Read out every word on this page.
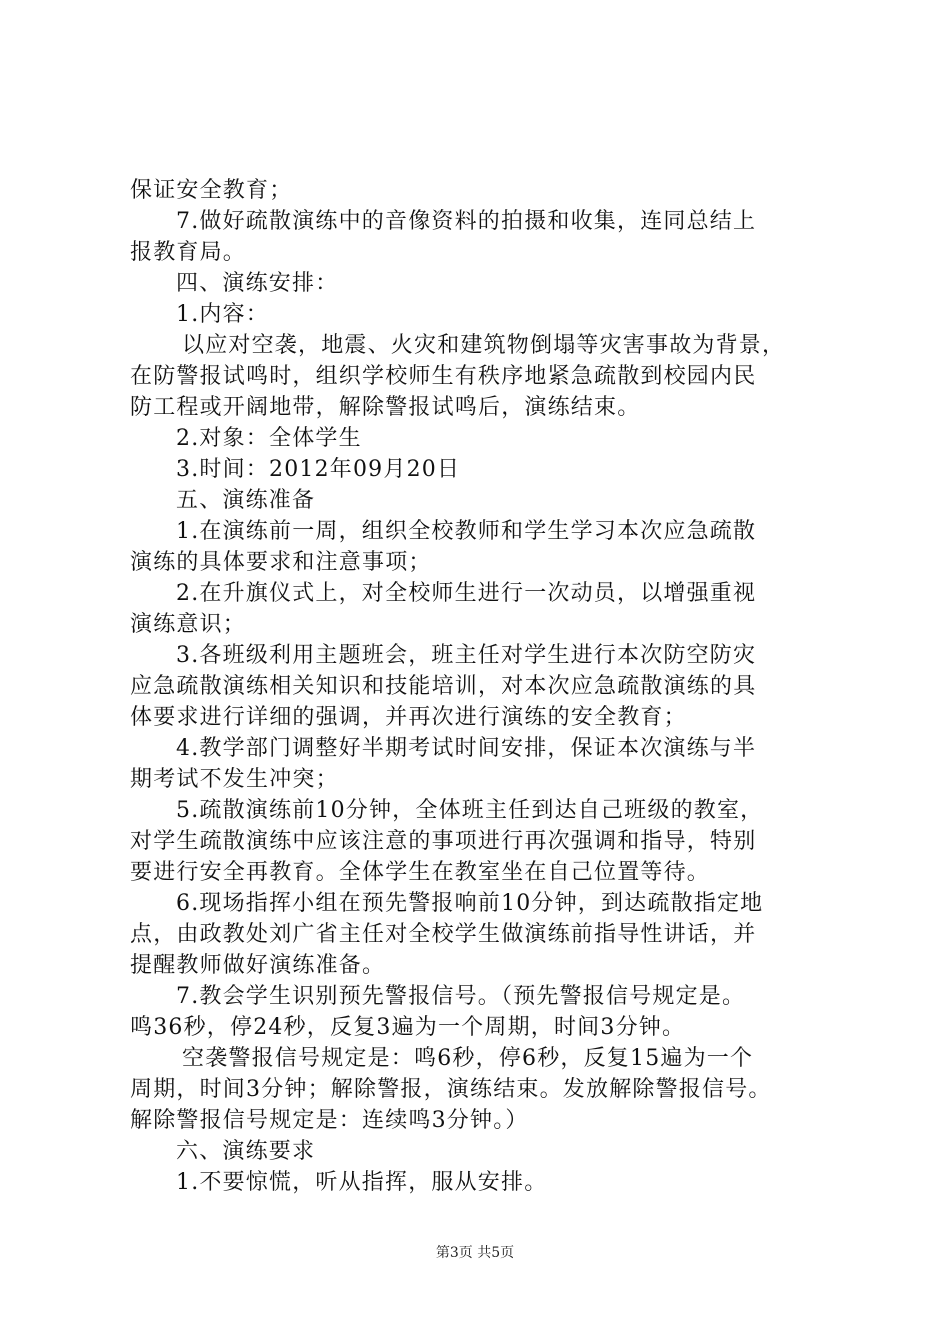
保证安全教育；
7.做好疏散演练中的音像资料的拍摄和收集，连同总结上
报教育局。
四、演练安排：
1.内容：
以应对空袭，地震、火灾和建筑物倒塌等灾害事故为背景，
在防警报试鸣时，组织学校师生有秩序地紧急疏散到校园内民
防工程或开阔地带，解除警报试鸣后，演练结束。
2.对象：全体学生
3.时间：2012年09月20日
五、演练准备
1.在演练前一周，组织全校教师和学生学习本次应急疏散
演练的具体要求和注意事项；
2.在升旗仪式上，对全校师生进行一次动员，以增强重视
演练意识；
3.各班级利用主题班会，班主任对学生进行本次防空防灾
应急疏散演练相关知识和技能培训，对本次应急疏散演练的具
体要求进行详细的强调，并再次进行演练的安全教育；
4.教学部门调整好半期考试时间安排，保证本次演练与半
期考试不发生冲突；
5.疏散演练前10分钟，全体班主任到达自己班级的教室，
对学生疏散演练中应该注意的事项进行再次强调和指导，特别
要进行安全再教育。全体学生在教室坐在自己位置等待。
6.现场指挥小组在预先警报响前10分钟，到达疏散指定地
点，由政教处刘广省主任对全校学生做演练前指导性讲话，并
提醒教师做好演练准备。
7.教会学生识别预先警报信号。（预先警报信号规定是。
鸣36秒，停24秒，反复3遍为一个周期，时间3分钟。
空袭警报信号规定是：鸣6秒，停6秒，反复15遍为一个
周期，时间3分钟；解除警报，演练结束。发放解除警报信号。
解除警报信号规定是：连续鸣3分钟。）
六、演练要求
1.不要惊慌，听从指挥，服从安排。
第3页 共5页
